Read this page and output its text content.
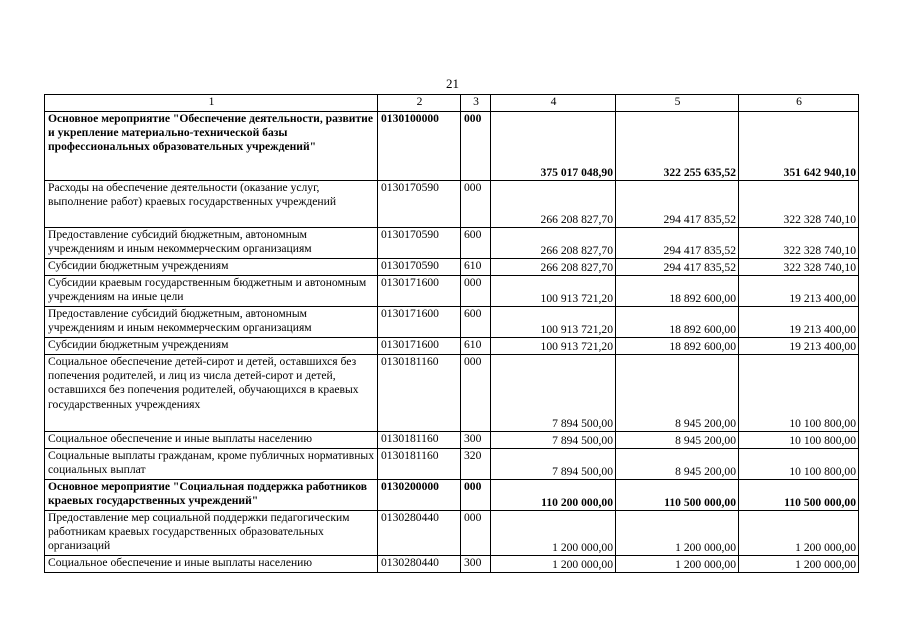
21
1	2	3	4	5	6
Основное мероприятие "Обеспечение деятельности, развитие и укрепление материально-технической базы профессиональных образовательных учреждений"	0130100000	000	375 017 048,90	322 255 635,52	351 642 940,10
Расходы на обеспечение деятельности (оказание услуг, выполнение работ) краевых государственных учреждений	0130170590	000	266 208 827,70	294 417 835,52	322 328 740,10
Предоставление субсидий бюджетным, автономным учреждениям и иным некоммерческим организациям	0130170590	600	266 208 827,70	294 417 835,52	322 328 740,10
Субсидии бюджетным учреждениям	0130170590	610	266 208 827,70	294 417 835,52	322 328 740,10
Субсидии краевым государственным бюджетным и автономным учреждениям на иные цели	0130171600	000	100 913 721,20	18 892 600,00	19 213 400,00
Предоставление субсидий бюджетным, автономным учреждениям и иным некоммерческим организациям	0130171600	600	100 913 721,20	18 892 600,00	19 213 400,00
Субсидии бюджетным учреждениям	0130171600	610	100 913 721,20	18 892 600,00	19 213 400,00
Социальное обеспечение детей-сирот и детей, оставшихся без попечения родителей, и лиц из числа детей-сирот и детей, оставшихся без попечения родителей, обучающихся в краевых государственных учреждениях	0130181160	000	7 894 500,00	8 945 200,00	10 100 800,00
Социальное обеспечение и иные выплаты населению	0130181160	300	7 894 500,00	8 945 200,00	10 100 800,00
Социальные выплаты гражданам, кроме публичных нормативных социальных выплат	0130181160	320	7 894 500,00	8 945 200,00	10 100 800,00
Основное мероприятие "Социальная поддержка работников краевых государственных учреждений"	0130200000	000	110 200 000,00	110 500 000,00	110 500 000,00
Предоставление мер социальной поддержки педагогическим работникам краевых государственных образовательных организаций	0130280440	000	1 200 000,00	1 200 000,00	1 200 000,00
Социальное обеспечение и иные выплаты населению	0130280440	300	1 200 000,00	1 200 000,00	1 200 000,00
